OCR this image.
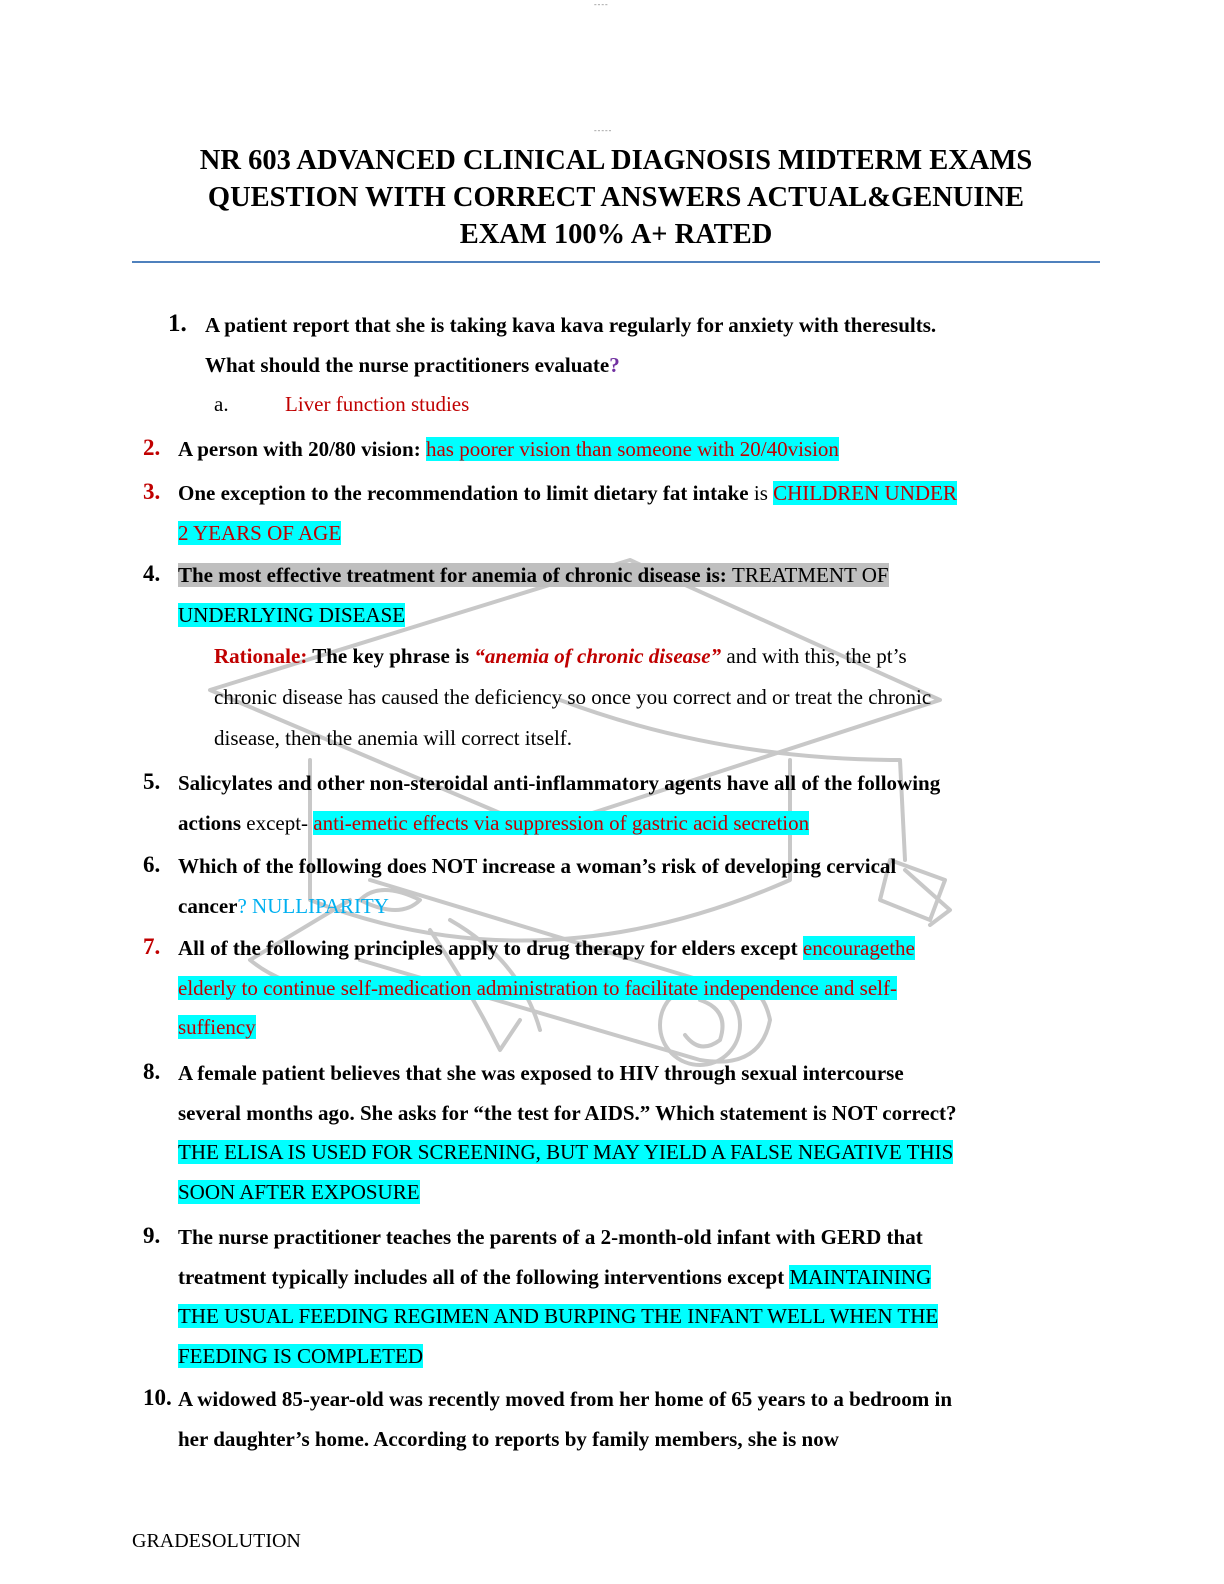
----
-----
NR 603 ADVANCED CLINICAL DIAGNOSIS MIDTERM EXAMS
QUESTION WITH CORRECT ANSWERS ACTUAL&GENUINE
EXAM 100% A+ RATED
1. A patient report that she is taking kava kava regularly for anxiety with theresults.
What should the nurse practitioners evaluate?
a.	Liver function studies
2. A person with 20/80 vision: has poorer vision than someone with 20/40vision
3. One exception to the recommendation to limit dietary fat intake is CHILDREN UNDER
2 YEARS OF AGE
4. The most effective treatment for anemia of chronic disease is: TREATMENT OF
UNDERLYING DISEASE
Rationale: The key phrase is “anemia of chronic disease” and with this, the pt’s
chronic disease has caused the deficiency so once you correct and or treat the chronic
disease, then the anemia will correct itself.
5. Salicylates and other non-steroidal anti-inflammatory agents have all of the following
actions except- anti-emetic effects via suppression of gastric acid secretion
6. Which of the following does NOT increase a woman’s risk of developing cervical
cancer? NULLIPARITY
7. All of the following principles apply to drug therapy for elders except encouragethe
elderly to continue self-medication administration to facilitate independence and self-
suffiency
8. A female patient believes that she was exposed to HIV through sexual intercourse
several months ago. She asks for “the test for AIDS.” Which statement is NOT correct?
THE ELISA IS USED FOR SCREENING, BUT MAY YIELD A FALSE NEGATIVE THIS
SOON AFTER EXPOSURE
9. The nurse practitioner teaches the parents of a 2-month-old infant with GERD that
treatment typically includes all of the following interventions except MAINTAINING
THE USUAL FEEDING REGIMEN AND BURPING THE INFANT WELL WHEN THE
FEEDING IS COMPLETED
10. A widowed 85-year-old was recently moved from her home of 65 years to a bedroom in
her daughter’s home. According to reports by family members, she is now
GRADESOLUTION
